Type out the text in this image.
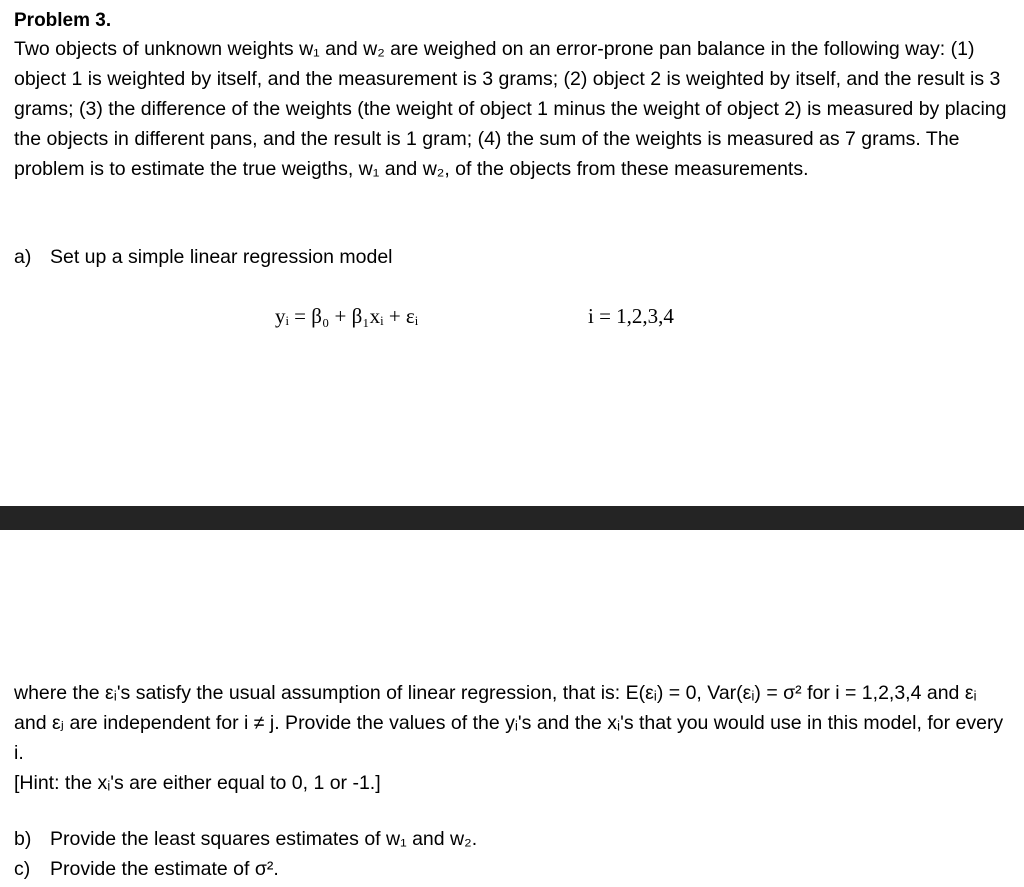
Problem 3.

Two objects of unknown weights w₁ and w₂ are weighed on an error-prone pan balance in the following way: (1) object 1 is weighted by itself, and the measurement is 3 grams; (2) object 2 is weighted by itself, and the result is 3 grams; (3) the difference of the weights (the weight of object 1 minus the weight of object 2) is measured by placing the objects in different pans, and the result is 1 gram; (4) the sum of the weights is measured as 7 grams. The problem is to estimate the true weigths, w₁ and w₂, of the objects from these measurements.

a) Set up a simple linear regression model

yᵢ = β₀ + β₁xᵢ + εᵢ	i = 1,2,3,4

where the εᵢ's satisfy the usual assumption of linear regression, that is: E(εᵢ) = 0, Var(εᵢ) = σ² for i = 1,2,3,4 and εᵢ and εⱼ are independent for i ≠ j. Provide the values of the yᵢ's and the xᵢ's that you would use in this model, for every i.
[Hint: the xᵢ's are either equal to 0, 1 or -1.]

b) Provide the least squares estimates of w₁ and w₂.

c) Provide the estimate of σ².
